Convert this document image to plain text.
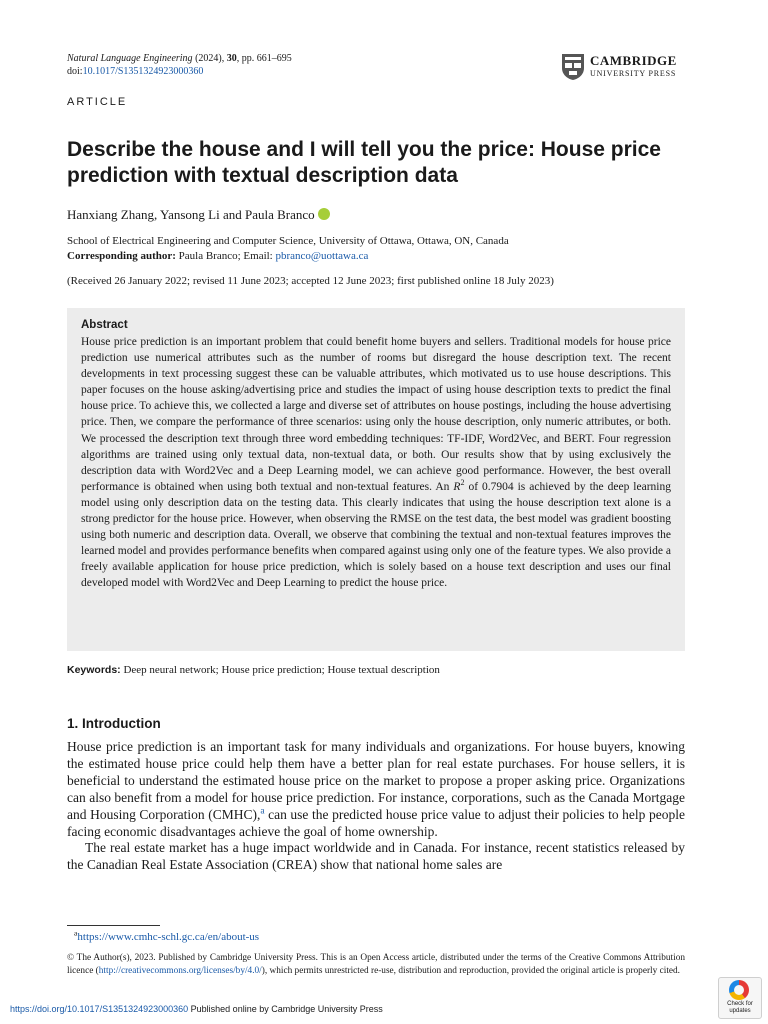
Natural Language Engineering (2024), 30, pp. 661–695
doi:10.1017/S1351324923000360
CAMBRIDGE
UNIVERSITY PRESS
ARTICLE
Describe the house and I will tell you the price: House price prediction with textual description data
Hanxiang Zhang, Yansong Li and Paula Branco
School of Electrical Engineering and Computer Science, University of Ottawa, Ottawa, ON, Canada
Corresponding author: Paula Branco; Email: pbranco@uottawa.ca
(Received 26 January 2022; revised 11 June 2023; accepted 12 June 2023; first published online 18 July 2023)
Abstract
House price prediction is an important problem that could benefit home buyers and sellers. Traditional models for house price prediction use numerical attributes such as the number of rooms but disregard the house description text. The recent developments in text processing suggest these can be valuable attributes, which motivated us to use house descriptions. This paper focuses on the house asking/advertising price and studies the impact of using house description texts to predict the final house price. To achieve this, we collected a large and diverse set of attributes on house postings, including the house advertising price. Then, we compare the performance of three scenarios: using only the house description, only numeric attributes, or both. We processed the description text through three word embedding techniques: TF-IDF, Word2Vec, and BERT. Four regression algorithms are trained using only textual data, non-textual data, or both. Our results show that by using exclusively the description data with Word2Vec and a Deep Learning model, we can achieve good performance. However, the best overall performance is obtained when using both textual and non-textual features. An $R^2$ of 0.7904 is achieved by the deep learning model using only description data on the testing data. This clearly indicates that using the house description text alone is a strong predictor for the house price. However, when observing the RMSE on the test data, the best model was gradient boosting using both numeric and description data. Overall, we observe that combining the textual and non-textual features improves the learned model and provides performance benefits when compared against using only one of the feature types. We also provide a freely available application for house price prediction, which is solely based on a house text description and uses our final developed model with Word2Vec and Deep Learning to predict the house price.
Keywords: Deep neural network; House price prediction; House textual description
1. Introduction

House price prediction is an important task for many individuals and organizations. For house buyers, knowing the estimated house price could help them have a better plan for real estate purchases. For house sellers, it is beneficial to understand the estimated house price on the market to propose a proper asking price. Organizations can also benefit from a model for house price prediction. For instance, corporations, such as the Canada Mortgage and Housing Corporation (CMHC),$^a$ can use the predicted house price value to adjust their policies to help people facing economic disadvantages achieve the goal of home ownership.

The real estate market has a huge impact worldwide and in Canada. For instance, recent statistics released by the Canadian Real Estate Association (CREA) show that national home sales are

$^a$https://www.cmhc-schl.gc.ca/en/about-us
© The Author(s), 2023. Published by Cambridge University Press. This is an Open Access article, distributed under the terms of the Creative Commons Attribution licence (http://creativecommons.org/licenses/by/4.0/), which permits unrestricted re-use, distribution and reproduction, provided the original article is properly cited.
https://doi.org/10.1017/S1351324923000360 Published online by Cambridge University Press	Check for
updates
